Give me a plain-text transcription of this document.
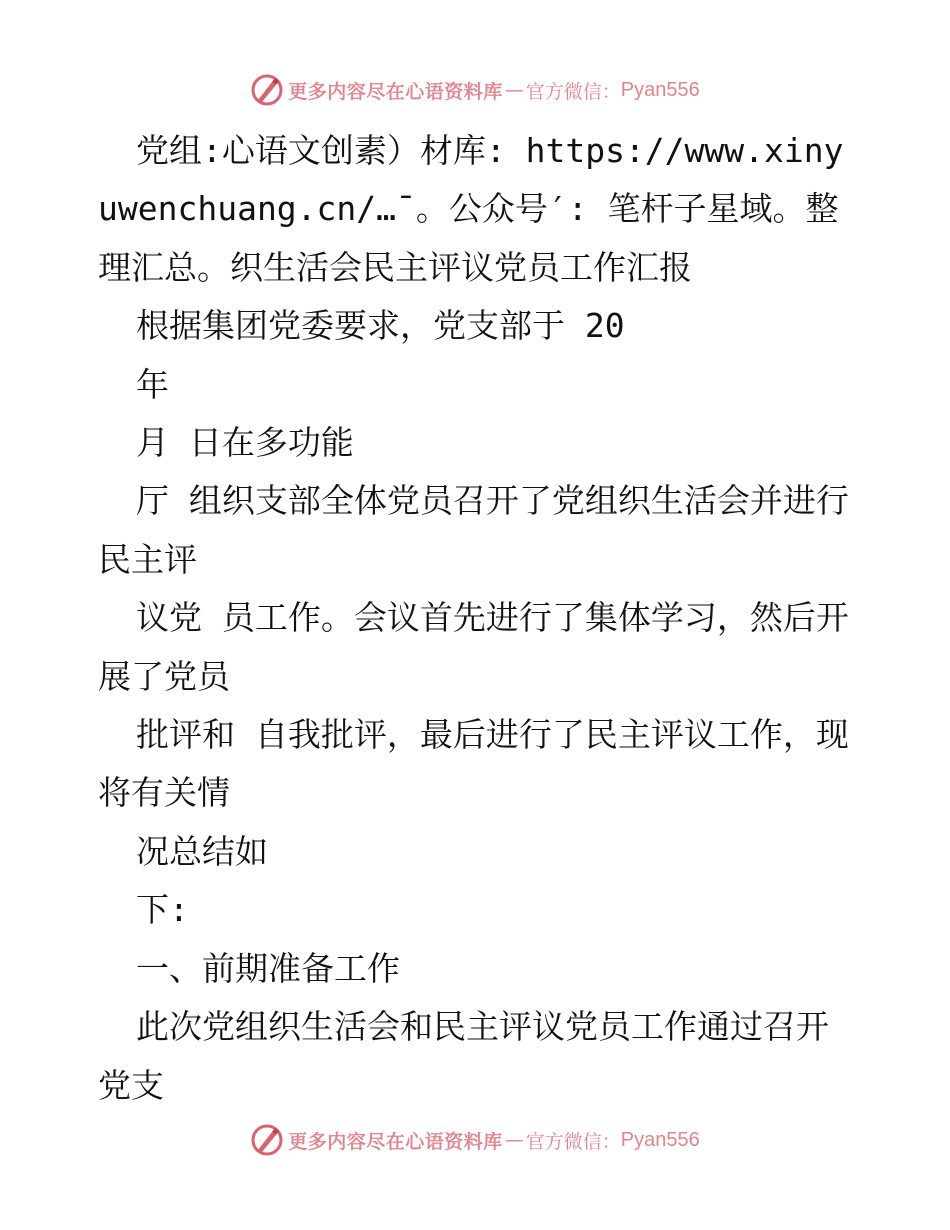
更多内容尽在心语资料库 — 官方微信： Pyan556

党组:心语文创素）材库: https://www.xinyuwenchuang.cn/…¯。公众号′: 笔杆子星域。整理汇总。织生活会民主评议党员工作汇报

根据集团党委要求，党支部于 20

年

月 日在多功能

厅 组织支部全体党员召开了党组织生活会并进行民主评

议党 员工作。会议首先进行了集体学习，然后开展了党员

批评和 自我批评，最后进行了民主评议工作，现将有关情

况总结如

下:

一、前期准备工作

此次党组织生活会和民主评议党员工作通过召开党支

更多内容尽在心语资料库 — 官方微信： Pyan556
